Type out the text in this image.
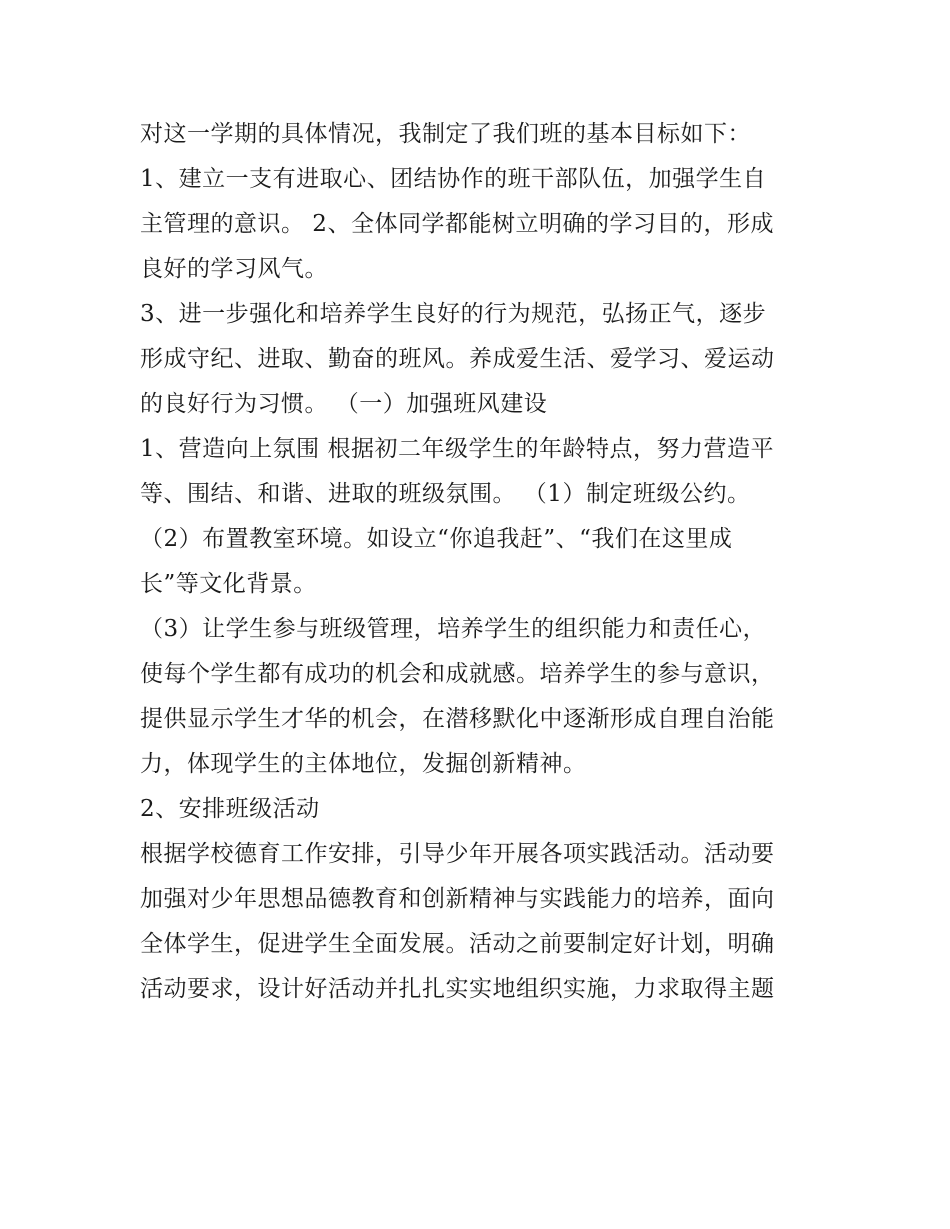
对这一学期的具体情况，我制定了我们班的基本目标如下：
1、建立一支有进取心、团结协作的班干部队伍，加强学生自
主管理的意识。 2、全体同学都能树立明确的学习目的，形成
良好的学习风气。
3、进一步强化和培养学生良好的行为规范，弘扬正气，逐步
形成守纪、进取、勤奋的班风。养成爱生活、爱学习、爱运动
的良好行为习惯。 （一）加强班风建设
1、营造向上氛围 根据初二年级学生的年龄特点，努力营造平
等、围结、和谐、进取的班级氛围。 （1）制定班级公约。
（2）布置教室环境。如设立“你追我赶”、“我们在这里成
长”等文化背景。
（3）让学生参与班级管理，培养学生的组织能力和责任心，
使每个学生都有成功的机会和成就感。培养学生的参与意识，
提供显示学生才华的机会，在潜移默化中逐渐形成自理自治能
力，体现学生的主体地位，发掘创新精神。
2、安排班级活动
根据学校德育工作安排，引导少年开展各项实践活动。活动要
加强对少年思想品德教育和创新精神与实践能力的培养，面向
全体学生，促进学生全面发展。活动之前要制定好计划，明确
活动要求，设计好活动并扎扎实实地组织实施，力求取得主题
